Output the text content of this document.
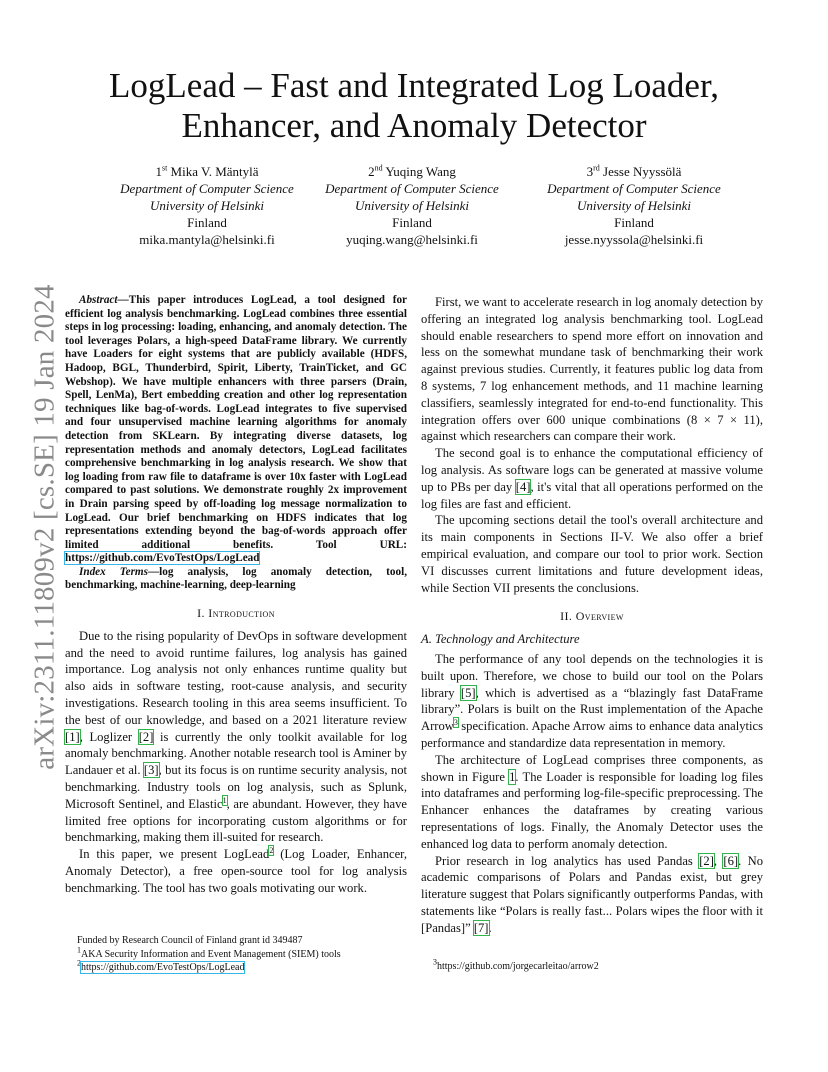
arXiv:2311.11809v2 [cs.SE] 19 Jan 2024
LogLead – Fast and Integrated Log Loader, Enhancer, and Anomaly Detector
1st Mika V. Mäntylä
Department of Computer Science
University of Helsinki
Finland
mika.mantyla@helsinki.fi
2nd Yuqing Wang
Department of Computer Science
University of Helsinki
Finland
yuqing.wang@helsinki.fi
3rd Jesse Nyyssölä
Department of Computer Science
University of Helsinki
Finland
jesse.nyyssola@helsinki.fi

Abstract—This paper introduces LogLead, a tool designed for efficient log analysis benchmarking. LogLead combines three essential steps in log processing: loading, enhancing, and anomaly detection. The tool leverages Polars, a high-speed DataFrame library. We currently have Loaders for eight systems that are publicly available (HDFS, Hadoop, BGL, Thunderbird, Spirit, Liberty, TrainTicket, and GC Webshop). We have multiple enhancers with three parsers (Drain, Spell, LenMa), Bert embedding creation and other log representation techniques like bag-of-words. LogLead integrates to five supervised and four unsupervised machine learning algorithms for anomaly detection from SKLearn. By integrating diverse datasets, log representation methods and anomaly detectors, LogLead facilitates comprehensive benchmarking in log analysis research. We show that log loading from raw file to dataframe is over 10x faster with LogLead compared to past solutions. We demonstrate roughly 2x improvement in Drain parsing speed by off-loading log message normalization to LogLead. Our brief benchmarking on HDFS indicates that log representations extending beyond the bag-of-words approach offer limited additional benefits. Tool URL: https://github.com/EvoTestOps/LogLead

Index Terms—log analysis, log anomaly detection, tool, benchmarking, machine-learning, deep-learning

I. Introduction

Due to the rising popularity of DevOps in software development and the need to avoid runtime failures, log analysis has gained importance. Log analysis not only enhances runtime quality but also aids in software testing, root-cause analysis, and security investigations. Research tooling in this area seems insufficient. To the best of our knowledge, and based on a 2021 literature review [1], Loglizer [2] is currently the only toolkit available for log anomaly benchmarking. Another notable research tool is Aminer by Landauer et al. [3], but its focus is on runtime security analysis, not benchmarking. Industry tools on log analysis, such as Splunk, Microsoft Sentinel, and Elastic$^1$, are abundant. However, they have limited free options for incorporating custom algorithms or for benchmarking, making them ill-suited for research.

In this paper, we present LogLead$^2$ (Log Loader, Enhancer, Anomaly Detector), a free open-source tool for log analysis benchmarking. The tool has two goals motivating our work.

First, we want to accelerate research in log anomaly detection by offering an integrated log analysis benchmarking tool. LogLead should enable researchers to spend more effort on innovation and less on the somewhat mundane task of benchmarking their work against previous studies. Currently, it features public log data from 8 systems, 7 log enhancement methods, and 11 machine learning classifiers, seamlessly integrated for end-to-end functionality. This integration offers over 600 unique combinations (8 × 7 × 11), against which researchers can compare their work.

The second goal is to enhance the computational efficiency of log analysis. As software logs can be generated at massive volume up to PBs per day [4], it's vital that all operations performed on the log files are fast and efficient.

The upcoming sections detail the tool's overall architecture and its main components in Sections II-V. We also offer a brief empirical evaluation, and compare our tool to prior work. Section VI discusses current limitations and future development ideas, while Section VII presents the conclusions.

II. Overview
A. Technology and Architecture

The performance of any tool depends on the technologies it is built upon. Therefore, we chose to build our tool on the Polars library [5], which is advertised as a “blazingly fast DataFrame library”. Polars is built on the Rust implementation of the Apache Arrow$^3$ specification. Apache Arrow aims to enhance data analytics performance and standardize data representation in memory.

The architecture of LogLead comprises three components, as shown in Figure 1. The Loader is responsible for loading log files into dataframes and performing log-file-specific preprocessing. The Enhancer enhances the dataframes by creating various representations of logs. Finally, the Anomaly Detector uses the enhanced log data to perform anomaly detection.

Prior research in log analytics has used Pandas [2], [6]. No academic comparisons of Polars and Pandas exist, but grey literature suggest that Polars significantly outperforms Pandas, with statements like “Polars is really fast... Polars wipes the floor with it [Pandas]” [7].

Funded by Research Council of Finland grant id 349487
$^1$AKA Security Information and Event Management (SIEM) tools
$^2$https://github.com/EvoTestOps/LogLead	$^3$https://github.com/jorgecarleitao/arrow2
